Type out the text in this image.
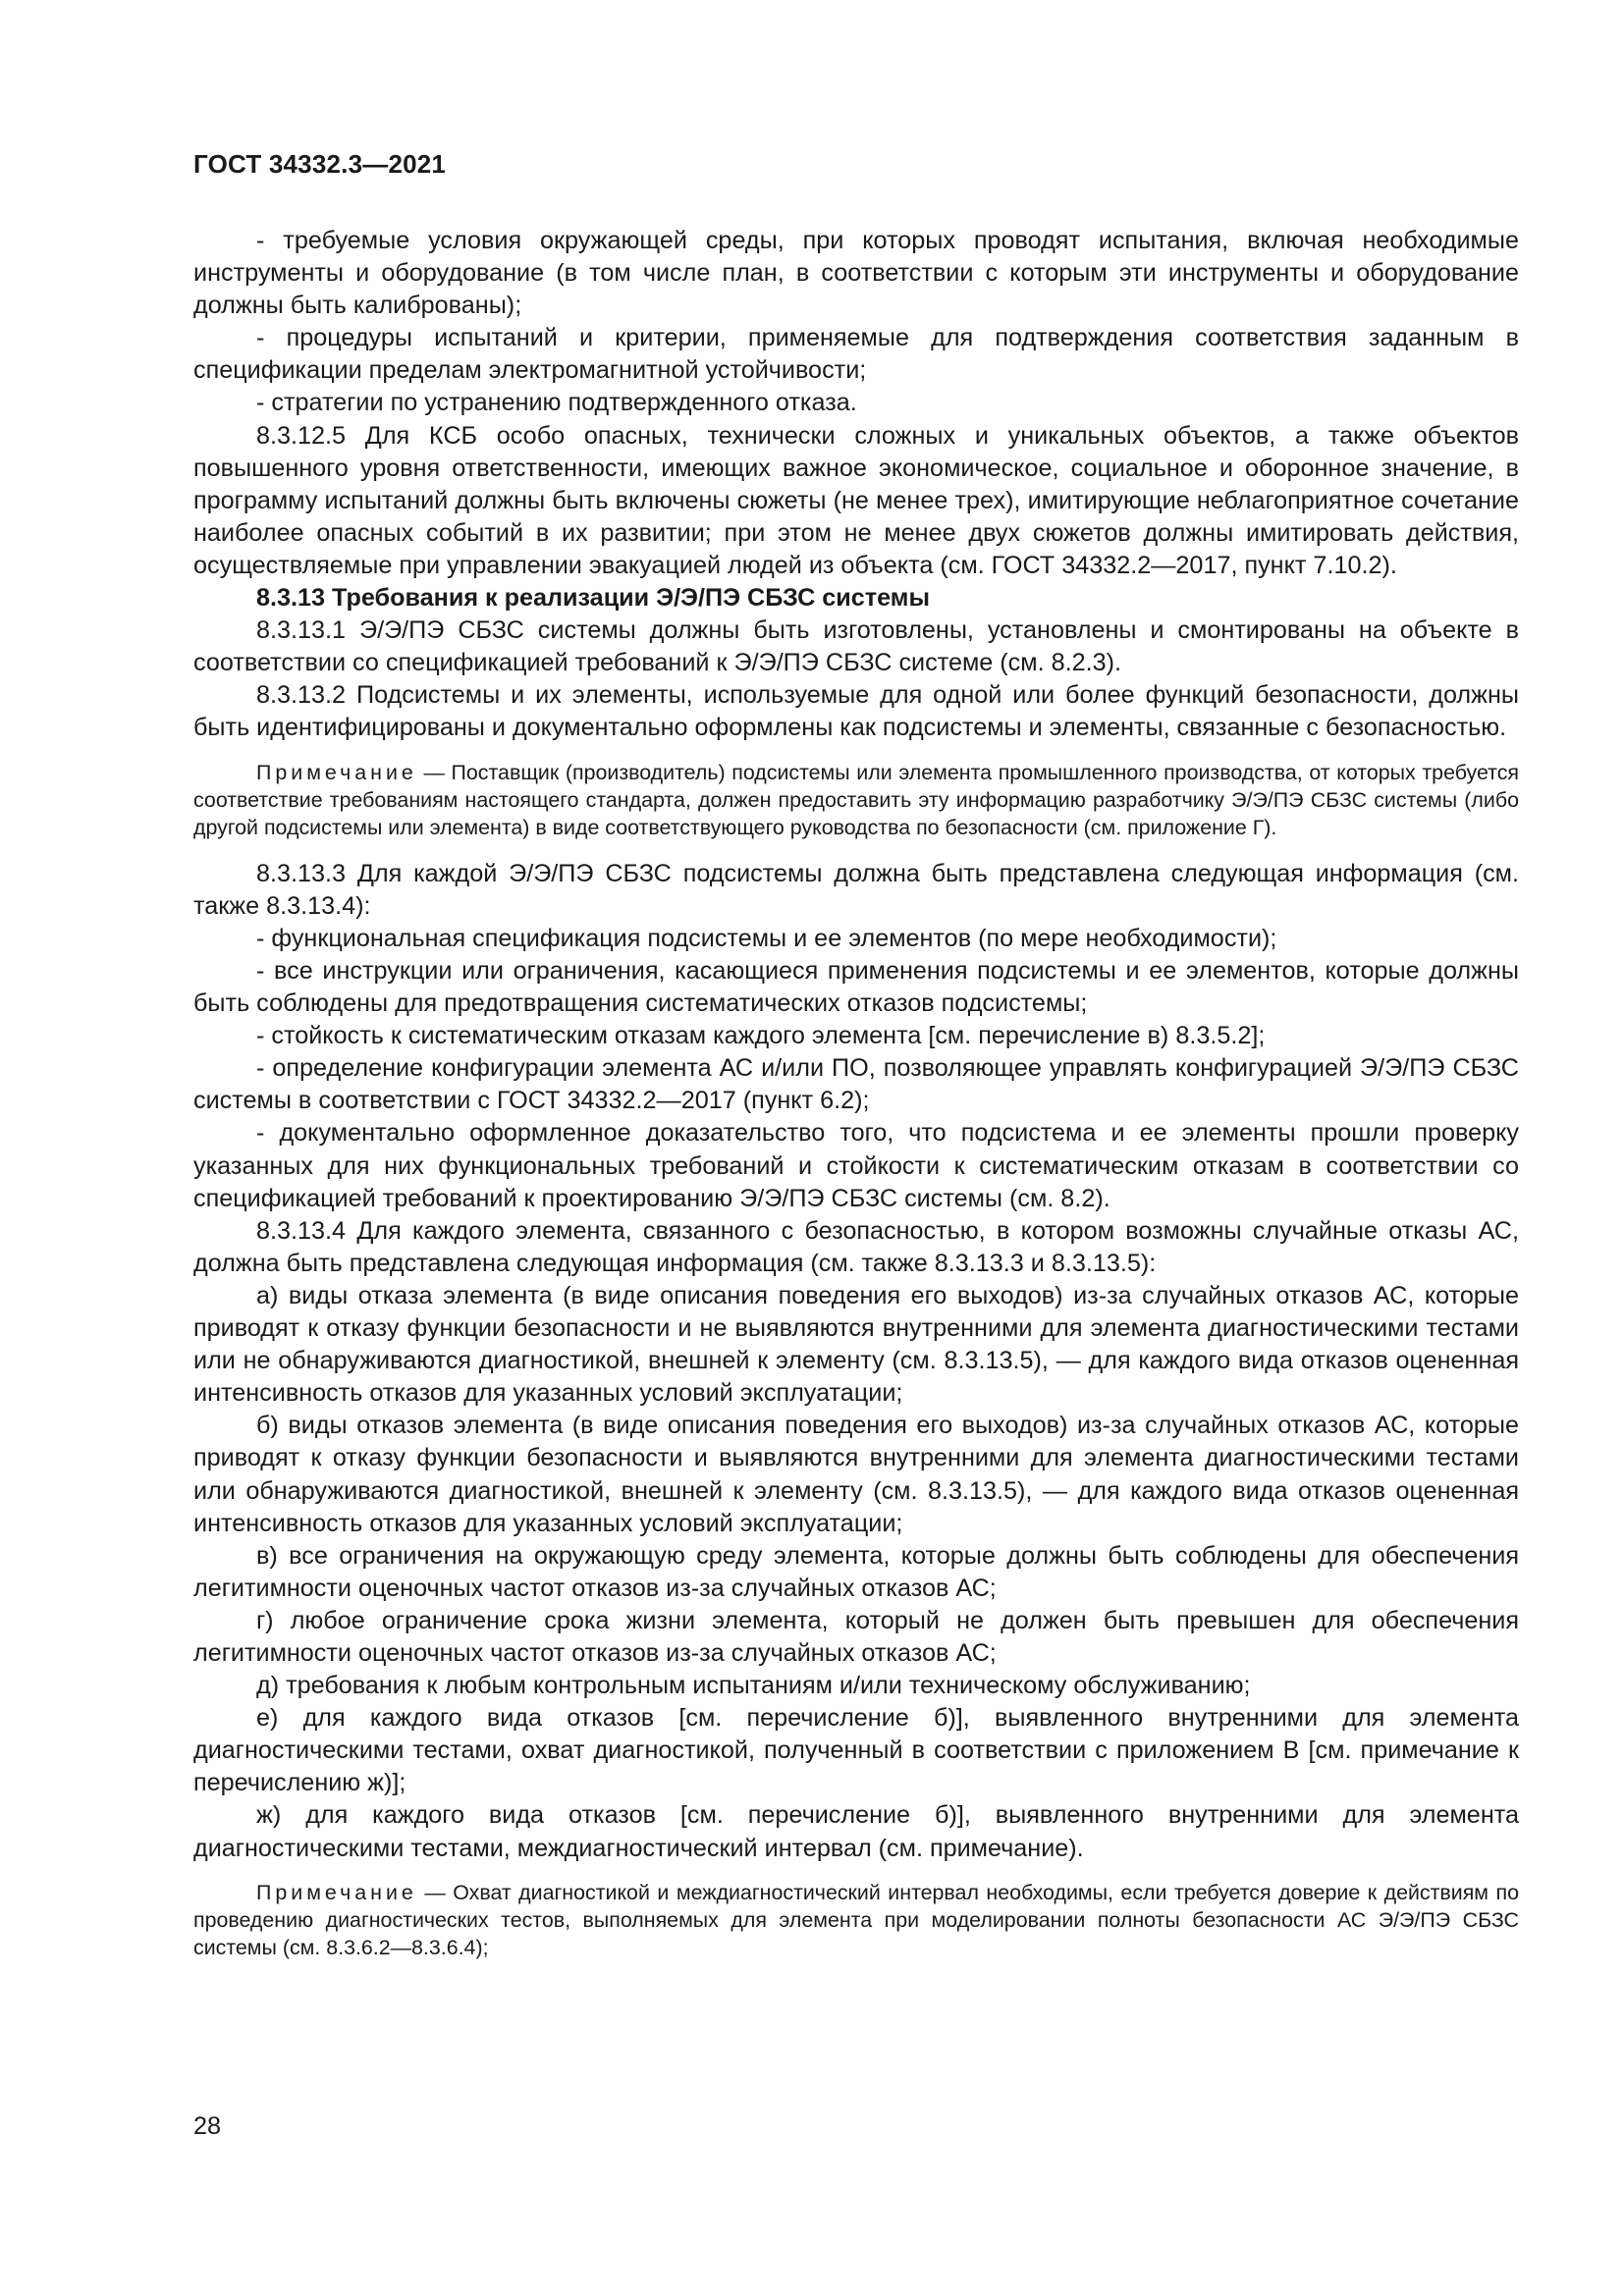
ГОСТ 34332.3—2021

- требуемые условия окружающей среды, при которых проводят испытания, включая необходимые инструменты и оборудование (в том числе план, в соответствии с которым эти инструменты и оборудование должны быть калиброваны);

- процедуры испытаний и критерии, применяемые для подтверждения соответствия заданным в спецификации пределам электромагнитной устойчивости;

- стратегии по устранению подтвержденного отказа.

8.3.12.5 Для КСБ особо опасных, технически сложных и уникальных объектов, а также объектов повышенного уровня ответственности, имеющих важное экономическое, социальное и оборонное значение, в программу испытаний должны быть включены сюжеты (не менее трех), имитирующие неблагоприятное сочетание наиболее опасных событий в их развитии; при этом не менее двух сюжетов должны имитировать действия, осуществляемые при управлении эвакуацией людей из объекта (см. ГОСТ 34332.2—2017, пункт 7.10.2).

8.3.13 Требования к реализации Э/Э/ПЭ СБЗС системы

8.3.13.1 Э/Э/ПЭ СБЗС системы должны быть изготовлены, установлены и смонтированы на объекте в соответствии со спецификацией требований к Э/Э/ПЭ СБЗС системе (см. 8.2.3).

8.3.13.2 Подсистемы и их элементы, используемые для одной или более функций безопасности, должны быть идентифицированы и документально оформлены как подсистемы и элементы, связанные с безопасностью.

Примечание — Поставщик (производитель) подсистемы или элемента промышленного производства, от которых требуется соответствие требованиям настоящего стандарта, должен предоставить эту информацию разработчику Э/Э/ПЭ СБЗС системы (либо другой подсистемы или элемента) в виде соответствующего руководства по безопасности (см. приложение Г).

8.3.13.3 Для каждой Э/Э/ПЭ СБЗС подсистемы должна быть представлена следующая информация (см. также 8.3.13.4):

- функциональная спецификация подсистемы и ее элементов (по мере необходимости);

- все инструкции или ограничения, касающиеся применения подсистемы и ее элементов, которые должны быть соблюдены для предотвращения систематических отказов подсистемы;

- стойкость к систематическим отказам каждого элемента [см. перечисление в) 8.3.5.2];

- определение конфигурации элемента АС и/или ПО, позволяющее управлять конфигурацией Э/Э/ПЭ СБЗС системы в соответствии с ГОСТ 34332.2—2017 (пункт 6.2);

- документально оформленное доказательство того, что подсистема и ее элементы прошли проверку указанных для них функциональных требований и стойкости к систематическим отказам в соответствии со спецификацией требований к проектированию Э/Э/ПЭ СБЗС системы (см. 8.2).

8.3.13.4 Для каждого элемента, связанного с безопасностью, в котором возможны случайные отказы АС, должна быть представлена следующая информация (см. также 8.3.13.3 и 8.3.13.5):

а) виды отказа элемента (в виде описания поведения его выходов) из-за случайных отказов АС, которые приводят к отказу функции безопасности и не выявляются внутренними для элемента диагностическими тестами или не обнаруживаются диагностикой, внешней к элементу (см. 8.3.13.5), — для каждого вида отказов оцененная интенсивность отказов для указанных условий эксплуатации;

б) виды отказов элемента (в виде описания поведения его выходов) из-за случайных отказов АС, которые приводят к отказу функции безопасности и выявляются внутренними для элемента диагностическими тестами или обнаруживаются диагностикой, внешней к элементу (см. 8.3.13.5), — для каждого вида отказов оцененная интенсивность отказов для указанных условий эксплуатации;

в) все ограничения на окружающую среду элемента, которые должны быть соблюдены для обеспечения легитимности оценочных частот отказов из-за случайных отказов АС;

г) любое ограничение срока жизни элемента, который не должен быть превышен для обеспечения легитимности оценочных частот отказов из-за случайных отказов АС;

д) требования к любым контрольным испытаниям и/или техническому обслуживанию;

е) для каждого вида отказов [см. перечисление б)], выявленного внутренними для элемента диагностическими тестами, охват диагностикой, полученный в соответствии с приложением В [см. примечание к перечислению ж)];

ж) для каждого вида отказов [см. перечисление б)], выявленного внутренними для элемента диагностическими тестами, междиагностический интервал (см. примечание).

Примечание — Охват диагностикой и междиагностический интервал необходимы, если требуется доверие к действиям по проведению диагностических тестов, выполняемых для элемента при моделировании полноты безопасности АС Э/Э/ПЭ СБЗС системы (см. 8.3.6.2—8.3.6.4);

28
